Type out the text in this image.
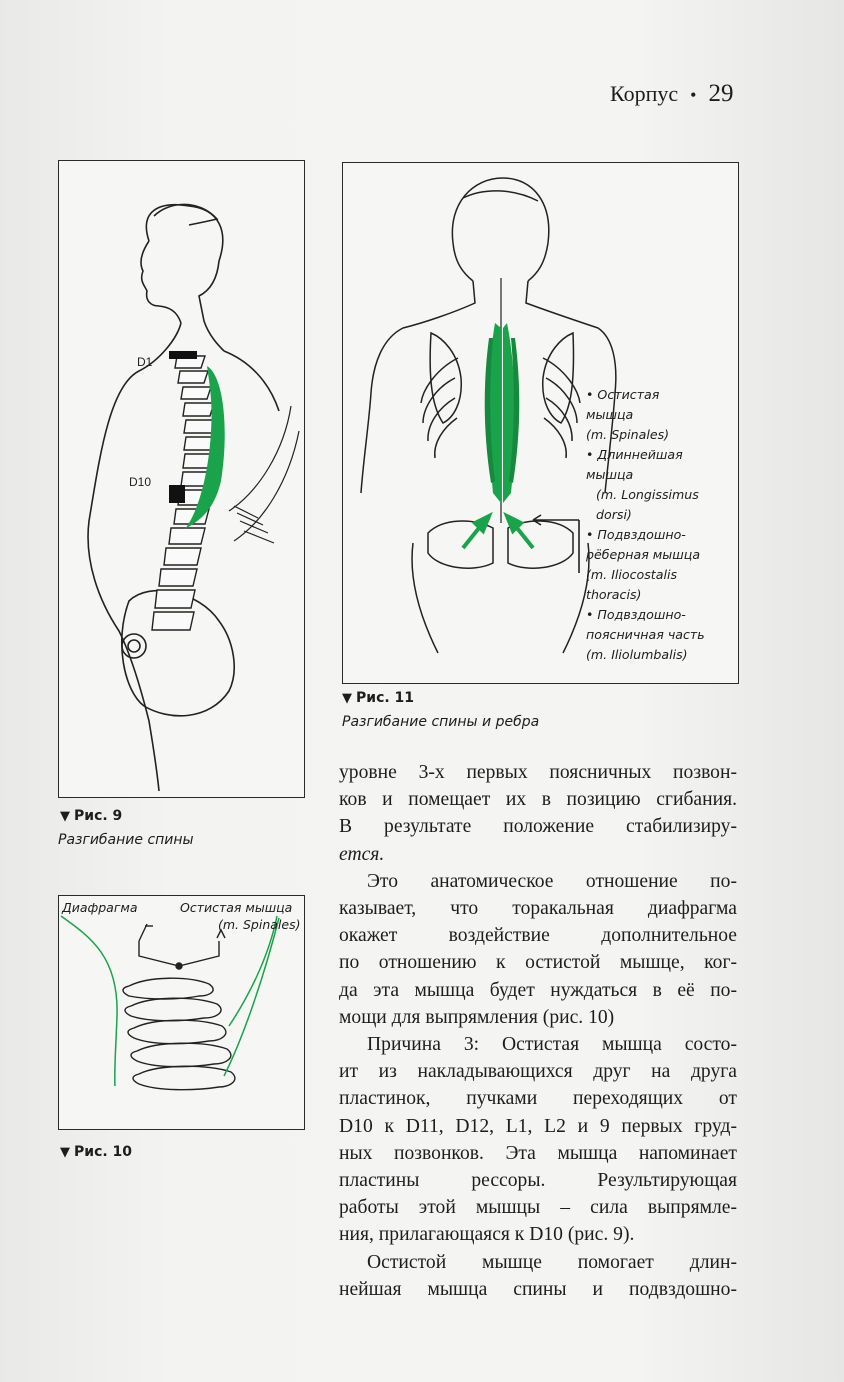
Корпус • 29
D1
D10
▼ Рис. 9
Разгибание спины
• Остистая
мышца
(m. Spinales)
• Длиннейшая
мышца
(m. Longissimus
dorsi)
• Подвздошно-
рёберная мышца
(m. Iliocostalis
thoracis)
• Подвздошно-
поясничная часть
(m. Iliolumbalis)
▼ Рис. 11
Разгибание спины и ребра
Диафрагма	Остистая мышца
(m. Spinales)
▼ Рис. 10
уровне 3-х первых поясничных позвон-
ков и помещает их в позицию сгибания.
В результате положение стабилизиру-
ется.
Это анатомическое отношение по-
казывает, что торакальная диафрагма
окажет воздействие дополнительное
по отношению к остистой мышце, ког-
да эта мышца будет нуждаться в её по-
мощи для выпрямления (рис. 10)
Причина 3: Остистая мышца состо-
ит из накладывающихся друг на друга
пластинок, пучками переходящих от
D10 к D11, D12, L1, L2 и 9 первых груд-
ных позвонков. Эта мышца напоминает
пластины рессоры. Результирующая
работы этой мышцы – сила выпрямле-
ния, прилагающаяся к D10 (рис. 9).
Остистой мышце помогает длин-
нейшая мышца спины и подвздошно-
